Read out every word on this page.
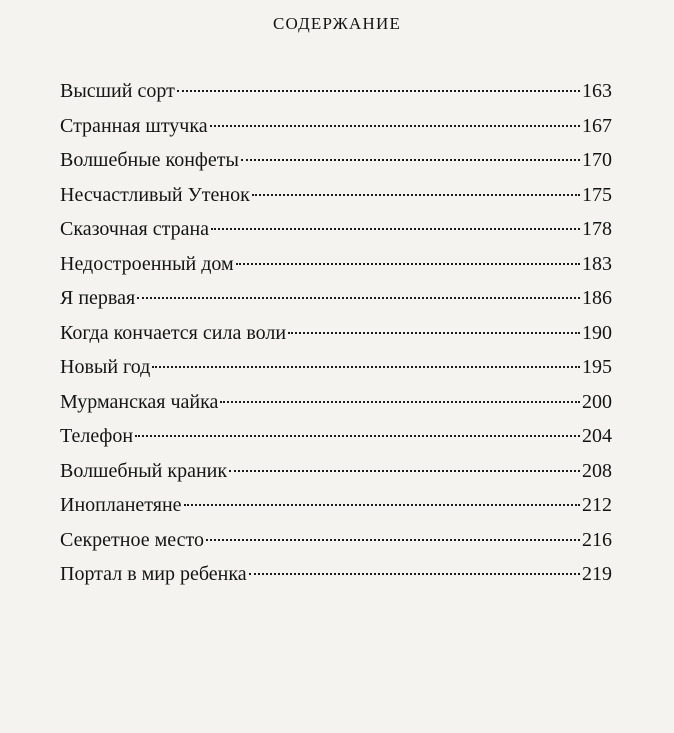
СОДЕРЖАНИЕ
Высший сорт	163
Странная штучка	167
Волшебные конфеты	170
Несчастливый Утенок	175
Сказочная страна	178
Недостроенный дом	183
Я первая	186
Когда кончается сила воли	190
Новый год	195
Мурманская чайка	200
Телефон	204
Волшебный краник	208
Инопланетяне	212
Секретное место	216
Портал в мир ребенка	219
